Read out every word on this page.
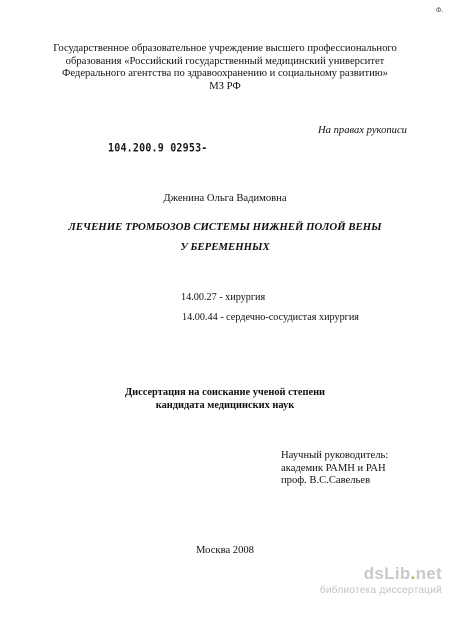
Ф.
Государственное образовательное учреждение высшего профессионального
образования «Российский государственный медицинский университет
Федерального агентства по здравоохранению и социальному развитию»
МЗ РФ
На правах рукописи
104.200.9 02953-
Дженина Ольга Вадимовна
ЛЕЧЕНИЕ ТРОМБОЗОВ СИСТЕМЫ НИЖНЕЙ ПОЛОЙ ВЕНЫ
У БЕРЕМЕННЫХ
14.00.27 - хирургия
14.00.44 - сердечно-сосудистая хирургия
Диссертация на соискание ученой степени
кандидата медицинских наук
Научный руководитель:
академик РАМН и РАН
проф. В.С.Савельев
Москва 2008
dsLib.net
библиотека диссертаций
